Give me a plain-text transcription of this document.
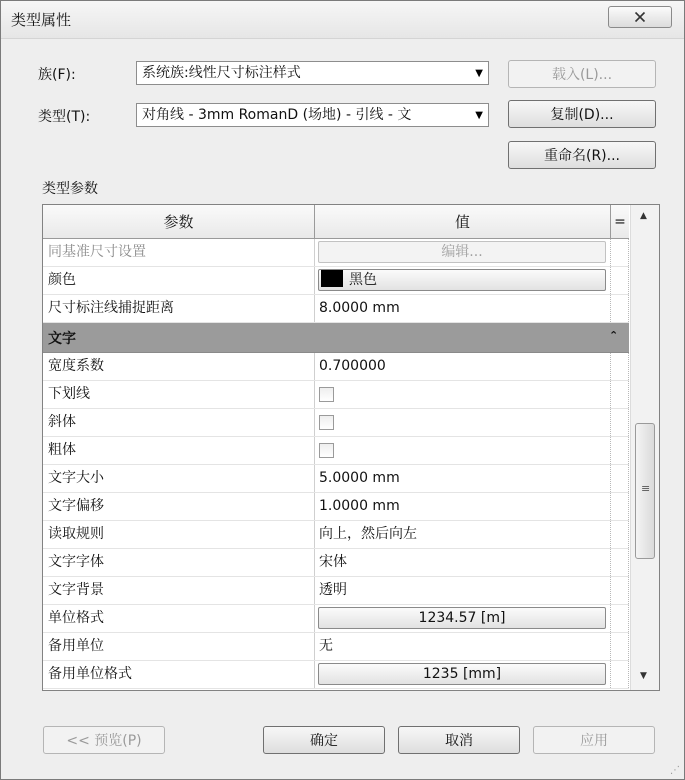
类型属性
族(F):	系统族:线性尺寸标注样式	▼	载入(L)...
类型(T):	对角线 - 3mm RomanD (场地) - 引线 - 文	▼	复制(D)...
重命名(R)...
类型参数
参数	值	=
同基准尺寸设置	编辑...
颜色	黑色
尺寸标注线捕捉距离	8.0000 mm
文字	⌃
宽度系数	0.700000
下划线
斜体
粗体
文字大小	5.0000 mm
文字偏移	1.0000 mm
读取规则	向上，然后向左
文字字体	宋体
文字背景	透明
单位格式	1234.57 [m]
备用单位	无
备用单位格式	1235 [mm]
▲
≡
▼
<< 预览(P)	确定	取消	应用
⋰
